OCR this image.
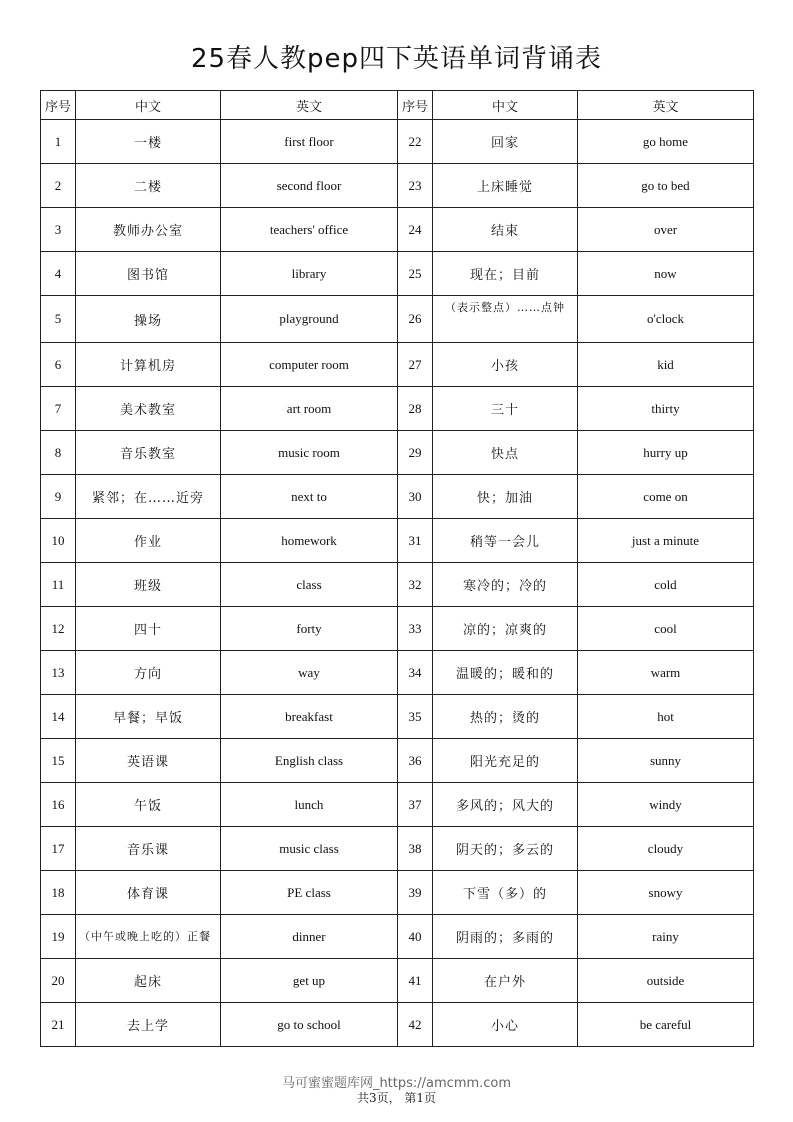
25春人教pep四下英语单词背诵表
序号	中文	英文	序号	中文	英文
1	一楼	first floor	22	回家	go home
2	二楼	second floor	23	上床睡觉	go to bed
3	教师办公室	teachers' office	24	结束	over
4	图书馆	library	25	现在；目前	now
5	操场	playground	26	（表示整点）……点钟	o'clock
6	计算机房	computer room	27	小孩	kid
7	美术教室	art room	28	三十	thirty
8	音乐教室	music room	29	快点	hurry up
9	紧邻；在……近旁	next to	30	快；加油	come on
10	作业	homework	31	稍等一会儿	just a minute
11	班级	class	32	寒冷的；冷的	cold
12	四十	forty	33	凉的；凉爽的	cool
13	方向	way	34	温暖的；暖和的	warm
14	早餐；早饭	breakfast	35	热的；烫的	hot
15	英语课	English class	36	阳光充足的	sunny
16	午饭	lunch	37	多风的；风大的	windy
17	音乐课	music class	38	阴天的；多云的	cloudy
18	体育课	PE class	39	下雪（多）的	snowy
19	（中午或晚上吃的）正餐	dinner	40	阴雨的；多雨的	rainy
20	起床	get up	41	在户外	outside
21	去上学	go to school	42	小心	be careful
马可蜜蜜题库网_https://amcmm.com
共3页， 第1页
